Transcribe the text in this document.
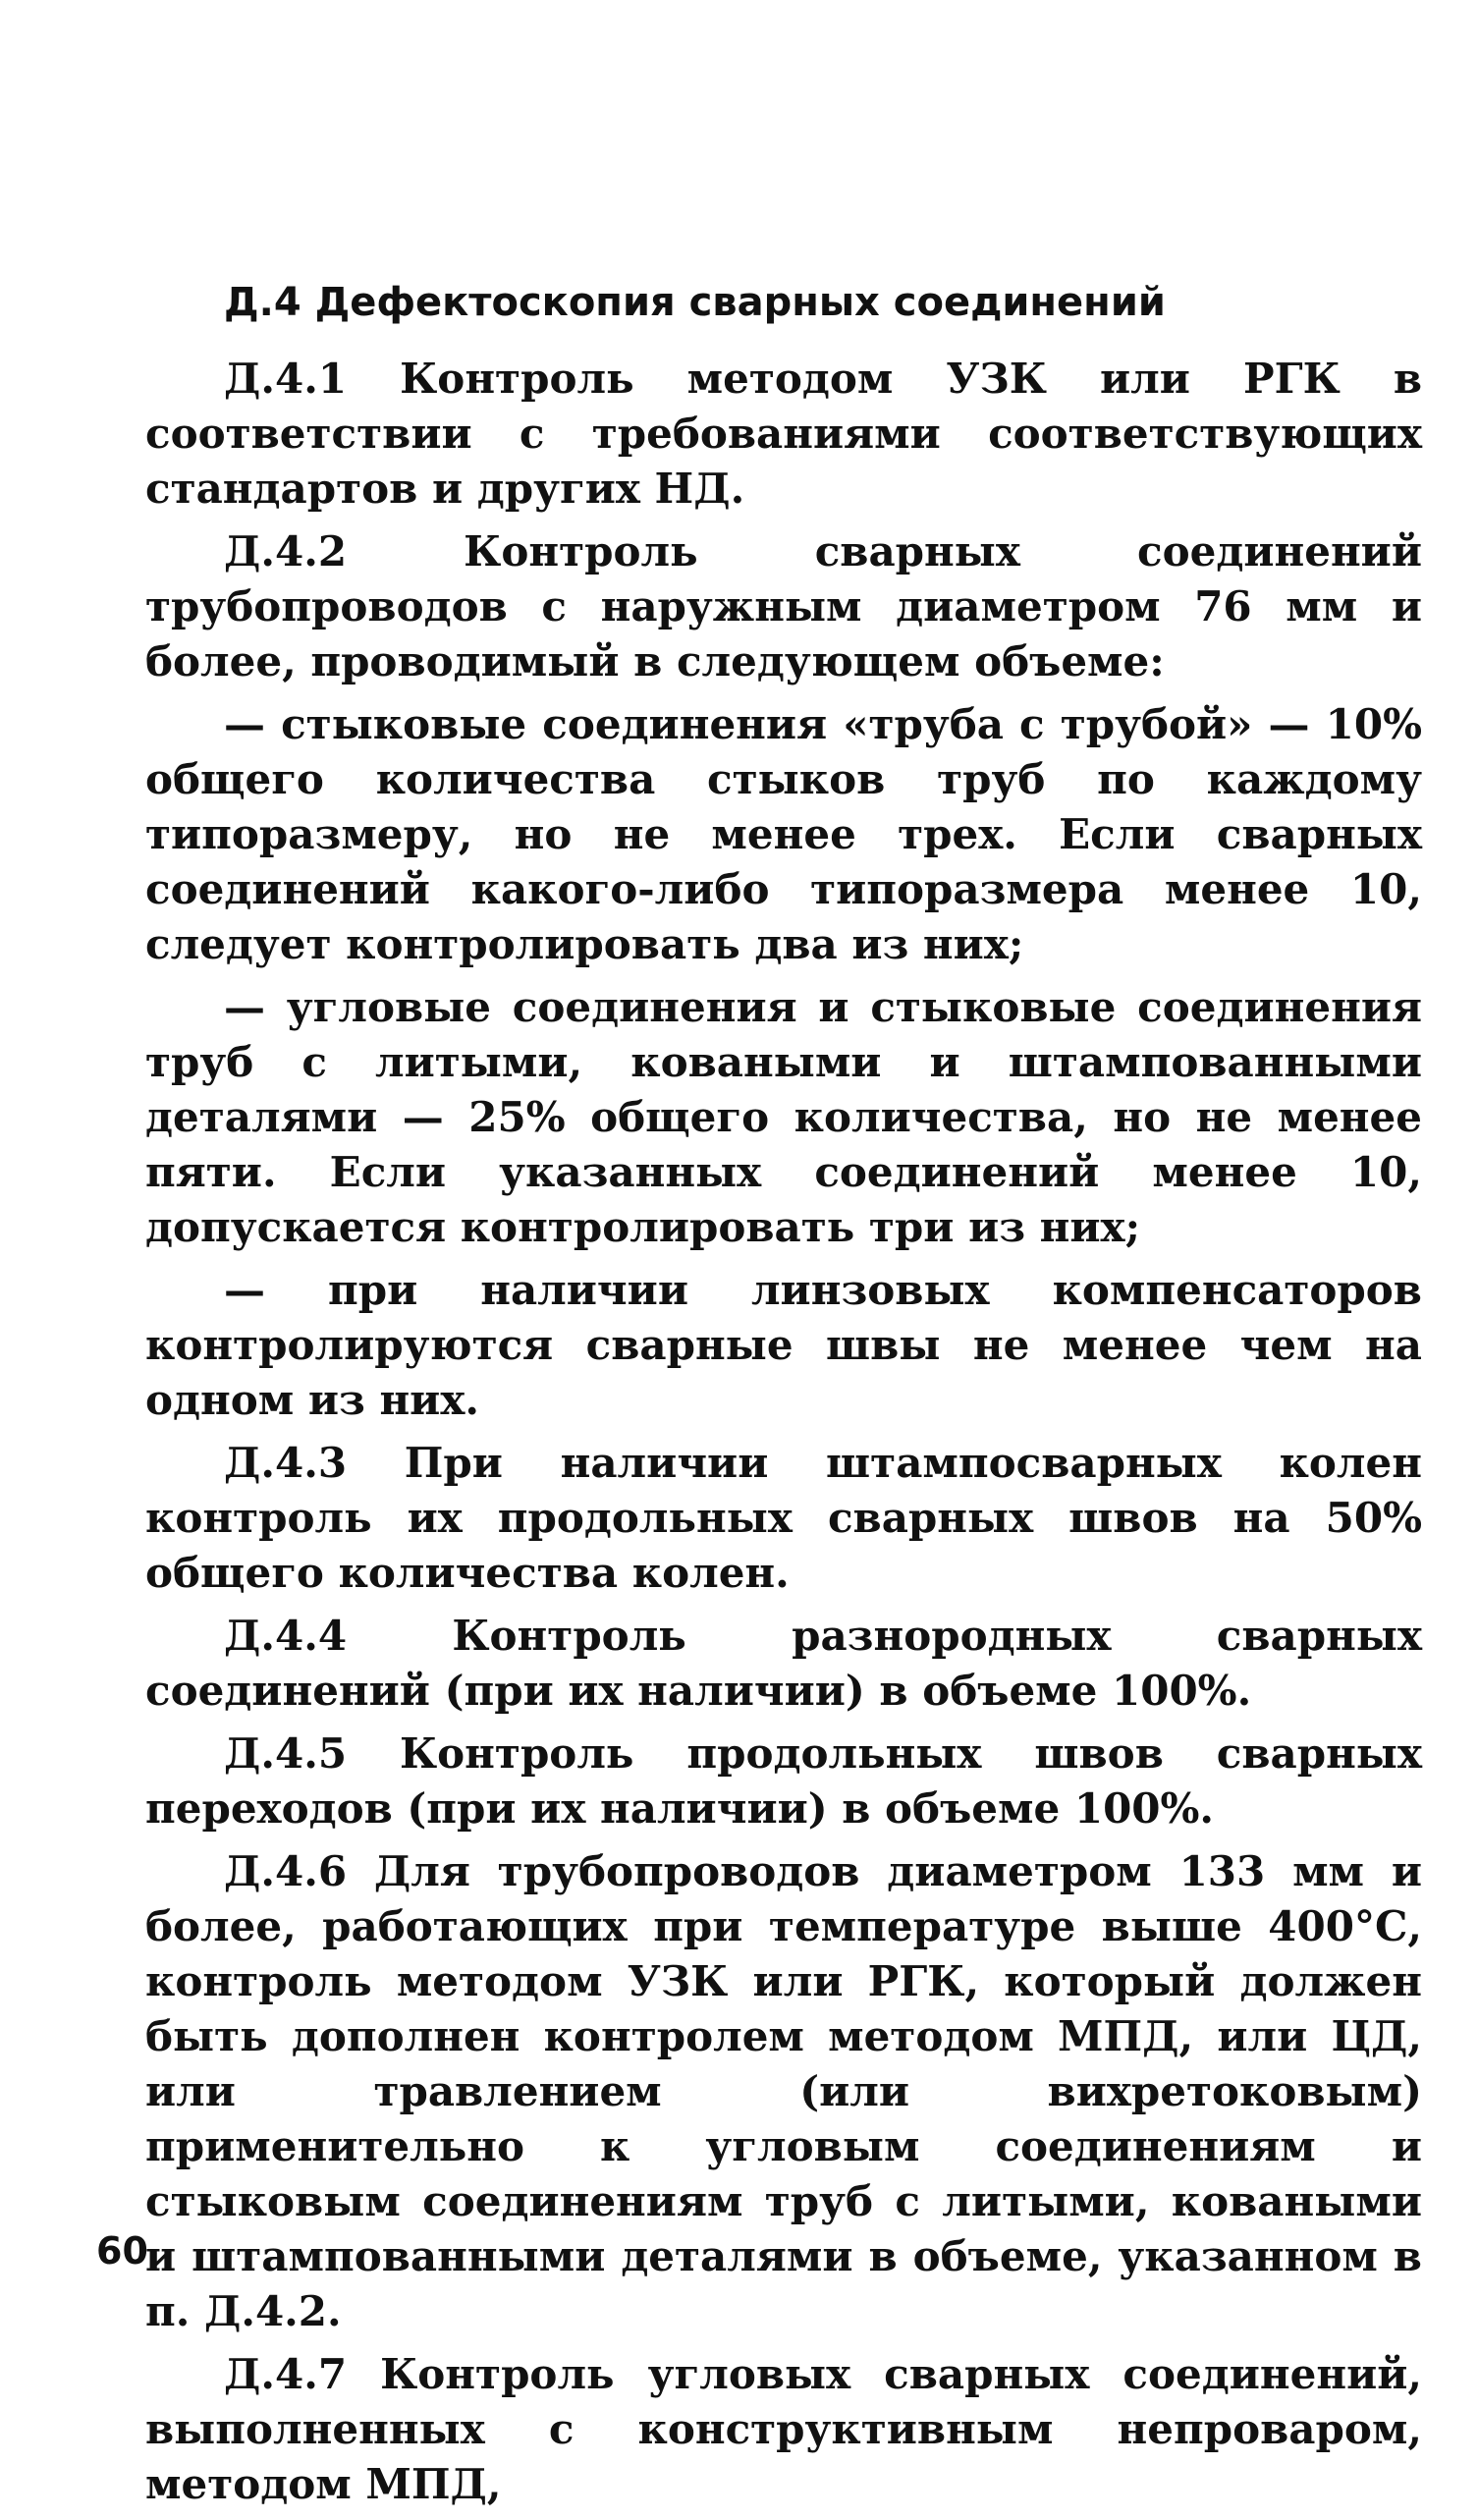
Д.4 Дефектоскопия сварных соединений

Д.4.1 Контроль методом УЗК или РГК в соответствии с требованиями соответствующих стандартов и других НД.

Д.4.2	Контроль сварных соединений трубопроводов с наружным диаметром 76 мм и более, проводимый в следующем объеме:

— стыковые соединения «труба с трубой» — 10% общего количества стыков труб по каждому типоразмеру, но не менее трех. Если сварных соединений какого-либо типоразмера менее 10, следует контролировать два из них;

— угловые соединения и стыковые соединения труб с литыми, коваными и штампованными деталями — 25% общего количества, но не менее пяти. Если указанных соединений менее 10, допускается контролировать три из них;

— при наличии линзовых компенсаторов контролируются сварные швы не менее чем на одном из них.

Д.4.3 При наличии штампосварных колен контроль их продольных сварных швов на 50% общего количества колен.

Д.4.4	Контроль разнородных сварных соединений (при их наличии) в объеме 100%.

Д.4.5 Контроль продольных швов сварных переходов (при их наличии) в объеме 100%.

Д.4.6 Для трубопроводов диаметром 133 мм и более, работающих при температуре выше 400°С, контроль методом УЗК или РГК, который должен быть дополнен контролем методом МПД, или ЦД, или травлением (или вихретоковым) применительно к угловым соединениям и стыковым соединениям труб с литыми, коваными и штампованными деталями в объеме, указанном в п. Д.4.2.

Д.4.7 Контроль угловых сварных соединений, выполненных с конструктивным непроваром, методом МПД,

60
